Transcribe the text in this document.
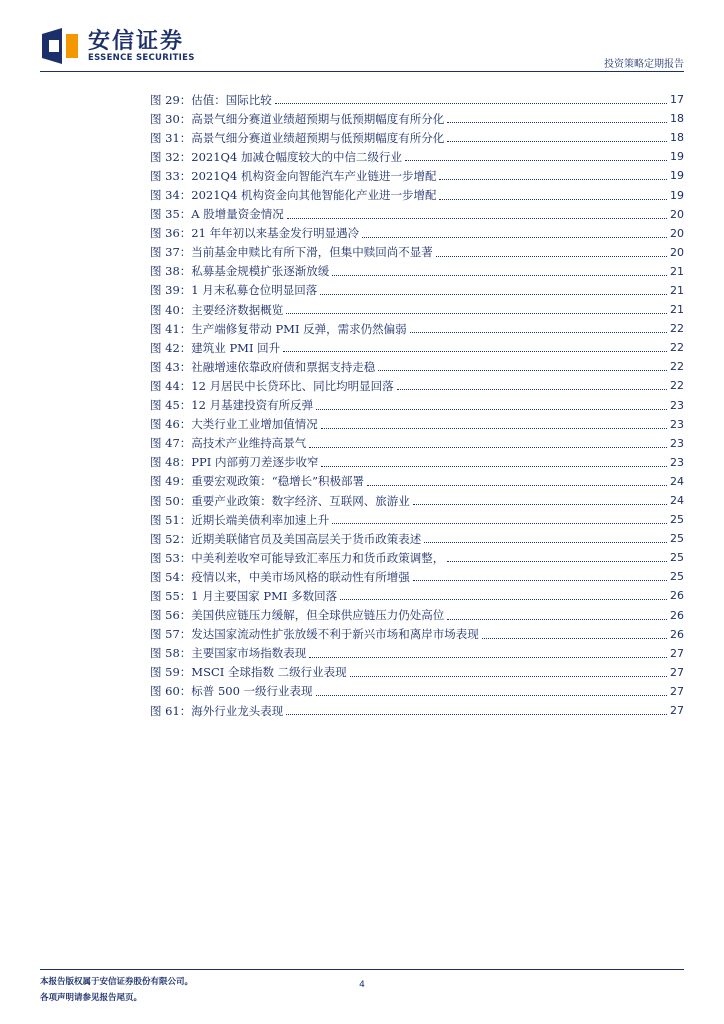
安信证券
ESSENCE SECURITIES
投资策略定期报告
图 29：估值：国际比较	17
图 30：高景气细分赛道业绩超预期与低预期幅度有所分化	18
图 31：高景气细分赛道业绩超预期与低预期幅度有所分化	18
图 32：2021Q4 加减仓幅度较大的中信二级行业	19
图 33：2021Q4 机构资金向智能汽车产业链进一步增配	19
图 34：2021Q4 机构资金向其他智能化产业进一步增配	19
图 35：A 股增量资金情况	20
图 36：21 年年初以来基金发行明显遇冷	20
图 37：当前基金申赎比有所下滑，但集中赎回尚不显著	20
图 38：私募基金规模扩张逐渐放缓	21
图 39：1 月末私募仓位明显回落	21
图 40：主要经济数据概览	21
图 41：生产端修复带动 PMI 反弹，需求仍然偏弱	22
图 42：建筑业 PMI 回升	22
图 43：社融增速依靠政府债和票据支持走稳	22
图 44：12 月居民中长贷环比、同比均明显回落	22
图 45：12 月基建投资有所反弹	23
图 46：大类行业工业增加值情况	23
图 47：高技术产业维持高景气	23
图 48：PPI 内部剪刀差逐步收窄	23
图 49：重要宏观政策：“稳增长”积极部署	24
图 50：重要产业政策：数字经济、互联网、旅游业	24
图 51：近期长端美债利率加速上升	25
图 52：近期美联储官员及美国高层关于货币政策表述	25
图 53：中美利差收窄可能导致汇率压力和货币政策调整，	25
图 54：疫情以来，中美市场风格的联动性有所增强	25
图 55：1 月主要国家 PMI 多数回落	26
图 56：美国供应链压力缓解，但全球供应链压力仍处高位	26
图 57：发达国家流动性扩张放缓不利于新兴市场和离岸市场表现	26
图 58：主要国家市场指数表现	27
图 59：MSCI 全球指数 二级行业表现	27
图 60：标普 500 一级行业表现	27
图 61：海外行业龙头表现	27
本报告版权属于安信证券股份有限公司。
各项声明请参见报告尾页。
4
